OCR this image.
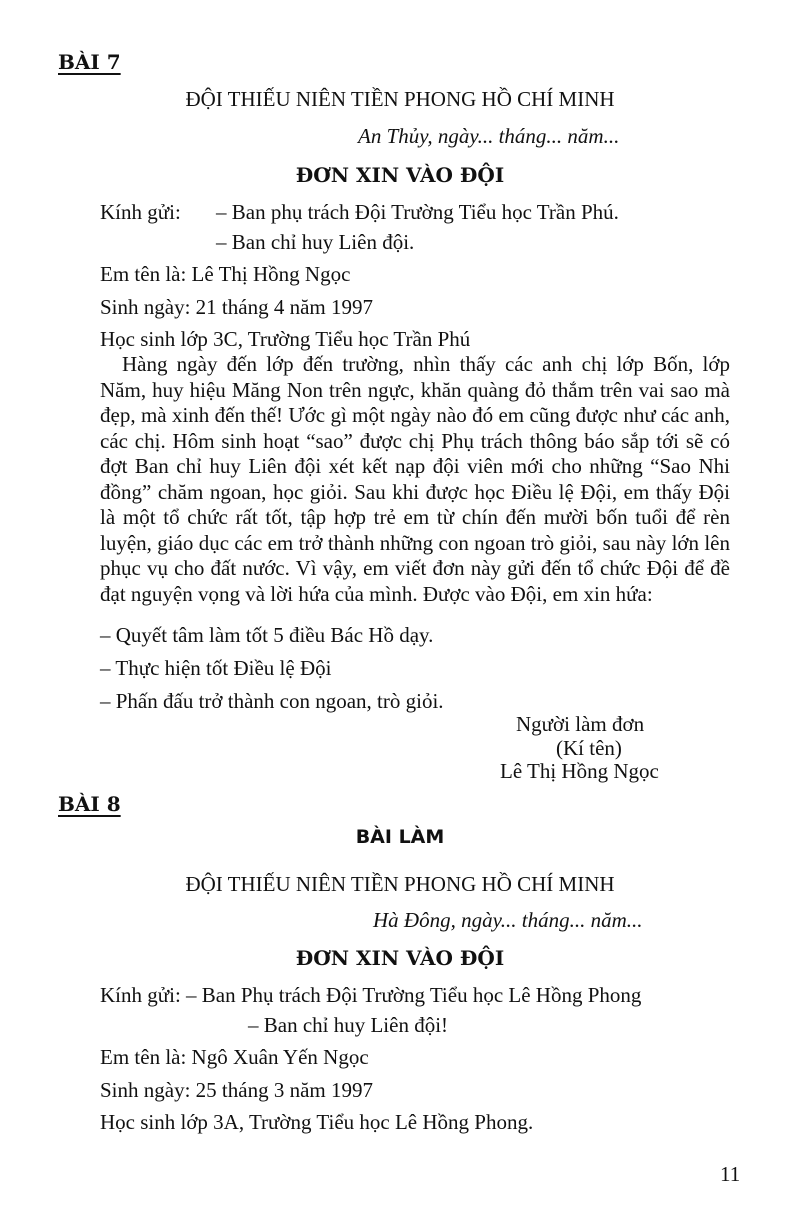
BÀI 7
ĐỘI THIẾU NIÊN TIỀN PHONG HỒ CHÍ MINH
An Thủy, ngày... tháng... năm...
ĐƠN XIN VÀO ĐỘI
Kính gửi: – Ban phụ trách Đội Trường Tiểu học Trần Phú.
– Ban chỉ huy Liên đội.
Em tên là: Lê Thị Hồng Ngọc
Sinh ngày: 21 tháng 4 năm 1997
Học sinh lớp 3C, Trường Tiểu học Trần Phú
Hàng ngày đến lớp đến trường, nhìn thấy các anh chị lớp Bốn, lớp Năm, huy hiệu Măng Non trên ngực, khăn quàng đỏ thắm trên vai sao mà đẹp, mà xinh đến thế! Ước gì một ngày nào đó em cũng được như các anh, các chị. Hôm sinh hoạt “sao” được chị Phụ trách thông báo sắp tới sẽ có đợt Ban chỉ huy Liên đội xét kết nạp đội viên mới cho những “Sao Nhi đồng” chăm ngoan, học giỏi. Sau khi được học Điều lệ Đội, em thấy Đội là một tổ chức rất tốt, tập hợp trẻ em từ chín đến mười bốn tuổi để rèn luyện, giáo dục các em trở thành những con ngoan trò giỏi, sau này lớn lên phục vụ cho đất nước. Vì vậy, em viết đơn này gửi đến tổ chức Đội để đề đạt nguyện vọng và lời hứa của mình. Được vào Đội, em xin hứa:
– Quyết tâm làm tốt 5 điều Bác Hồ dạy.
– Thực hiện tốt Điều lệ Đội
– Phấn đấu trở thành con ngoan, trò giỏi.
Người làm đơn
(Kí tên)
Lê Thị Hồng Ngọc
BÀI 8
BÀI LÀM
ĐỘI THIẾU NIÊN TIỀN PHONG HỒ CHÍ MINH
Hà Đông, ngày... tháng... năm...
ĐƠN XIN VÀO ĐỘI
Kính gửi: – Ban Phụ trách Đội Trường Tiểu học Lê Hồng Phong
– Ban chỉ huy Liên đội!
Em tên là: Ngô Xuân Yến Ngọc
Sinh ngày: 25 tháng 3 năm 1997
Học sinh lớp 3A, Trường Tiểu học Lê Hồng Phong.
11
